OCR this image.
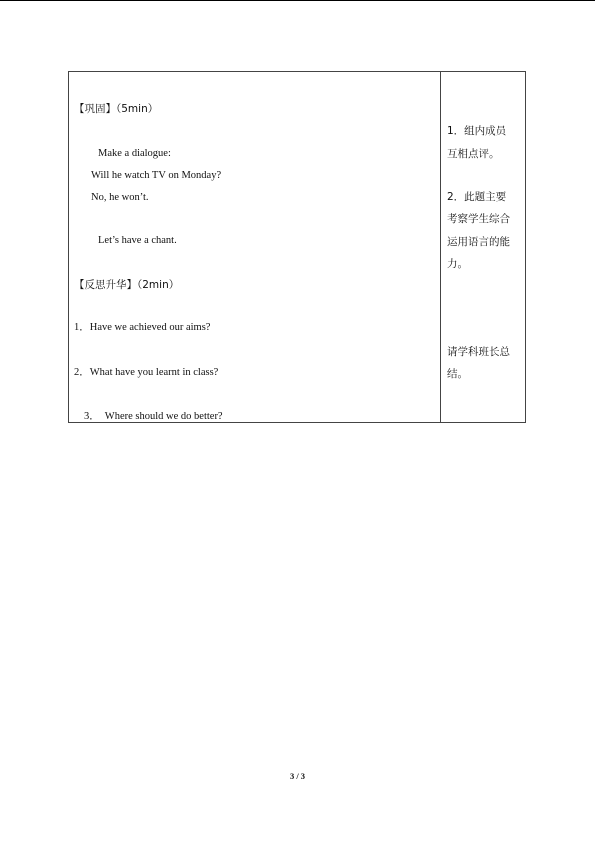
【巩固】（5min）
Make a dialogue:
Will he watch TV on Monday?
No, he won’t.
Let’s have a chant.
【反思升华】（2min）
1．Have we achieved our aims?
2．What have you learnt in class?
3．  Where should we do better?
1．组内成员
互相点评。
2．此题主要
考察学生综合
运用语言的能
力。
请学科班长总
结。
3 / 3
